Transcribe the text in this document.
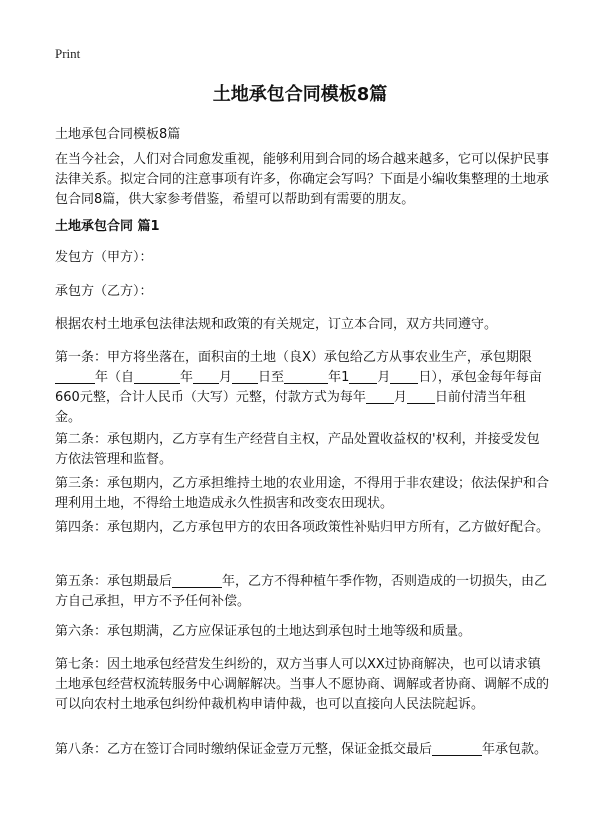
Print
土地承包合同模板8篇
土地承包合同模板8篇
在当今社会，人们对合同愈发重视，能够利用到合同的场合越来越多，它可以保护民事法律关系。拟定合同的注意事项有许多，你确定会写吗？下面是小编收集整理的土地承包合同8篇，供大家参考借鉴，希望可以帮助到有需要的朋友。
土地承包合同 篇1
发包方（甲方）：
承包方（乙方）：
根据农村土地承包法律法规和政策的有关规定，订立本合同，双方共同遵守。
第一条：甲方将坐落在，面积亩的土地（良X）承包给乙方从事农业生产，承包期限年（自	年 月 日至	年1 月 日），承包金每年每亩660元整，合计人民币（大写）元整，付款方式为每年 月 日前付清当年租金。
第二条：承包期内，乙方享有生产经营自主权，产品处置收益权的'权利，并接受发包方依法管理和监督。
第三条：承包期内，乙方承担维持土地的农业用途，不得用于非农建设；依法保护和合理利用土地，不得给土地造成永久性损害和改变农田现状。
第四条：承包期内，乙方承包甲方的农田各项政策性补贴归甲方所有，乙方做好配合。
第五条：承包期最后	年，乙方不得种植午季作物，否则造成的一切损失，由乙方自己承担，甲方不予任何补偿。
第六条：承包期满，乙方应保证承包的土地达到承包时土地等级和质量。
第七条：因土地承包经营发生纠纷的，双方当事人可以XX过协商解决，也可以请求镇土地承包经营权流转服务中心调解解决。当事人不愿协商、调解或者协商、调解不成的可以向农村土地承包纠纷仲裁机构申请仲裁，也可以直接向人民法院起诉。
第八条：乙方在签订合同时缴纳保证金壹万元整，保证金抵交最后	年承包款。
